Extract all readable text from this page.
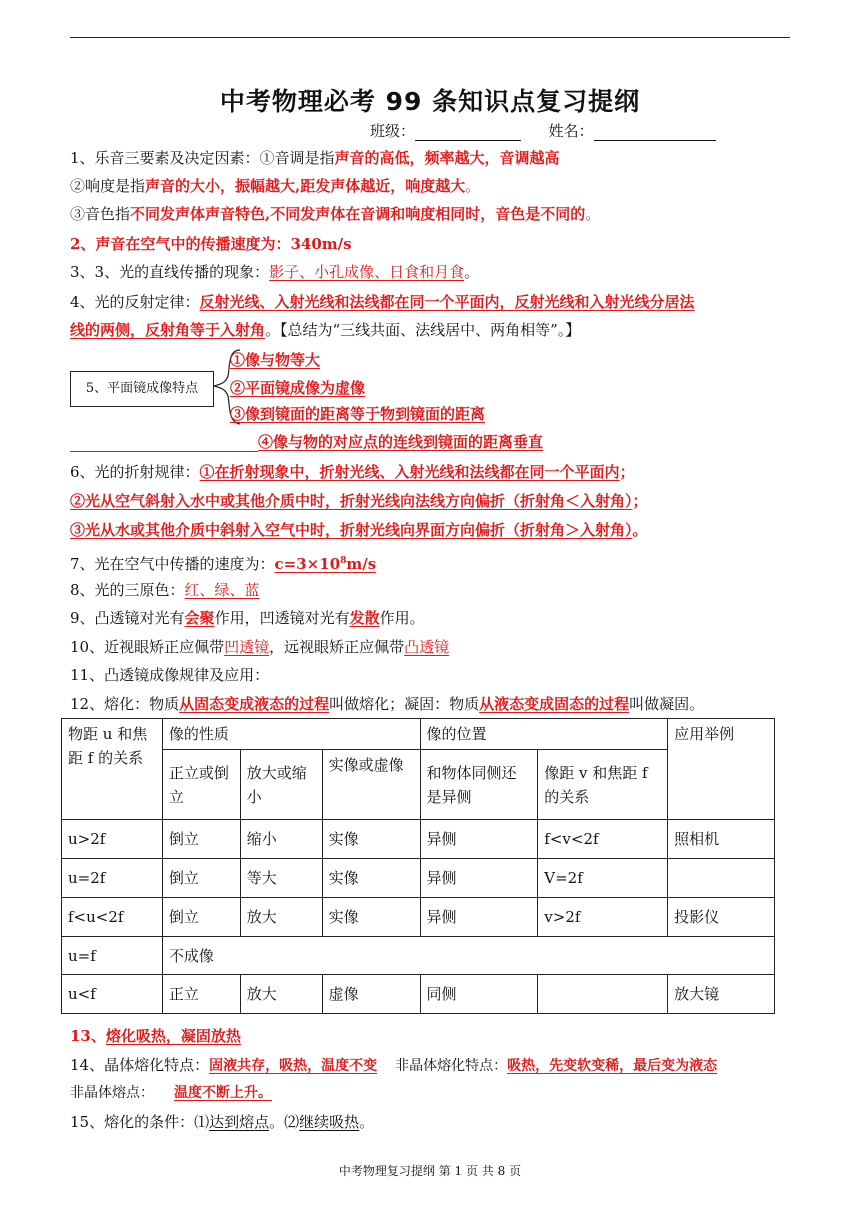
中考物理必考 99 条知识点复习提纲
班级：	姓名：
1、乐音三要素及决定因素：①音调是指声音的高低，频率越大，音调越高
②响度是指声音的大小，振幅越大,距发声体越近，响度越大。
③音色指不同发声体声音特色,不同发声体在音调和响度相同时，音色是不同的。
2、声音在空气中的传播速度为：340m/s
3、3、光的直线传播的现象：影子、小孔成像、日食和月食。
4、光的反射定律：反射光线、入射光线和法线都在同一个平面内，反射光线和入射光线分居法
线的两侧，反射角等于入射角。【总结为“三线共面、法线居中、两角相等”。】
5、平面镜成像特点
①像与物等大
②平面镜成像为虚像
③像到镜面的距离等于物到镜面的距离
④像与物的对应点的连线到镜面的距离垂直
6、光的折射规律：①在折射现象中，折射光线、入射光线和法线都在同一个平面内；
②光从空气斜射入水中或其他介质中时，折射光线向法线方向偏折（折射角＜入射角）；
③光从水或其他介质中斜射入空气中时，折射光线向界面方向偏折（折射角＞入射角）。
7、光在空气中传播的速度为：$c=3\times 10^8m/s$
8、光的三原色：红、绿、蓝
9、凸透镜对光有会聚作用，凹透镜对光有发散作用。
10、近视眼矫正应佩带凹透镜，远视眼矫正应佩带凸透镜
11、凸透镜成像规律及应用：
12、熔化：物质从固态变成液态的过程叫做熔化；凝固：物质从液态变成固态的过程叫做凝固。
物距 u 和焦距 f 的关系	像的性质			像的位置		应用举例
	正立或倒立	放大或缩小	实像或虚像	和物体同侧还是异侧	像距 v 和焦距 f 的关系	
u>2f	倒立	缩小	实像	异侧	f<v<2f	照相机
u=2f	倒立	等大	实像	异侧	V=2f	
f<u<2f	倒立	放大	实像	异侧	v>2f	投影仪
u=f	不成像					
u<f	正立	放大	虚像	同侧		放大镜
13、熔化吸热，凝固放热
14、晶体熔化特点：固液共存，吸热，温度不变 非晶体熔化特点：吸热，先变软变稀，最后变为液态
非晶体熔点： 温度不断上升。
15、熔化的条件：⑴达到熔点。⑵继续吸热。
中考物理复习提纲 第 1 页 共 8 页
